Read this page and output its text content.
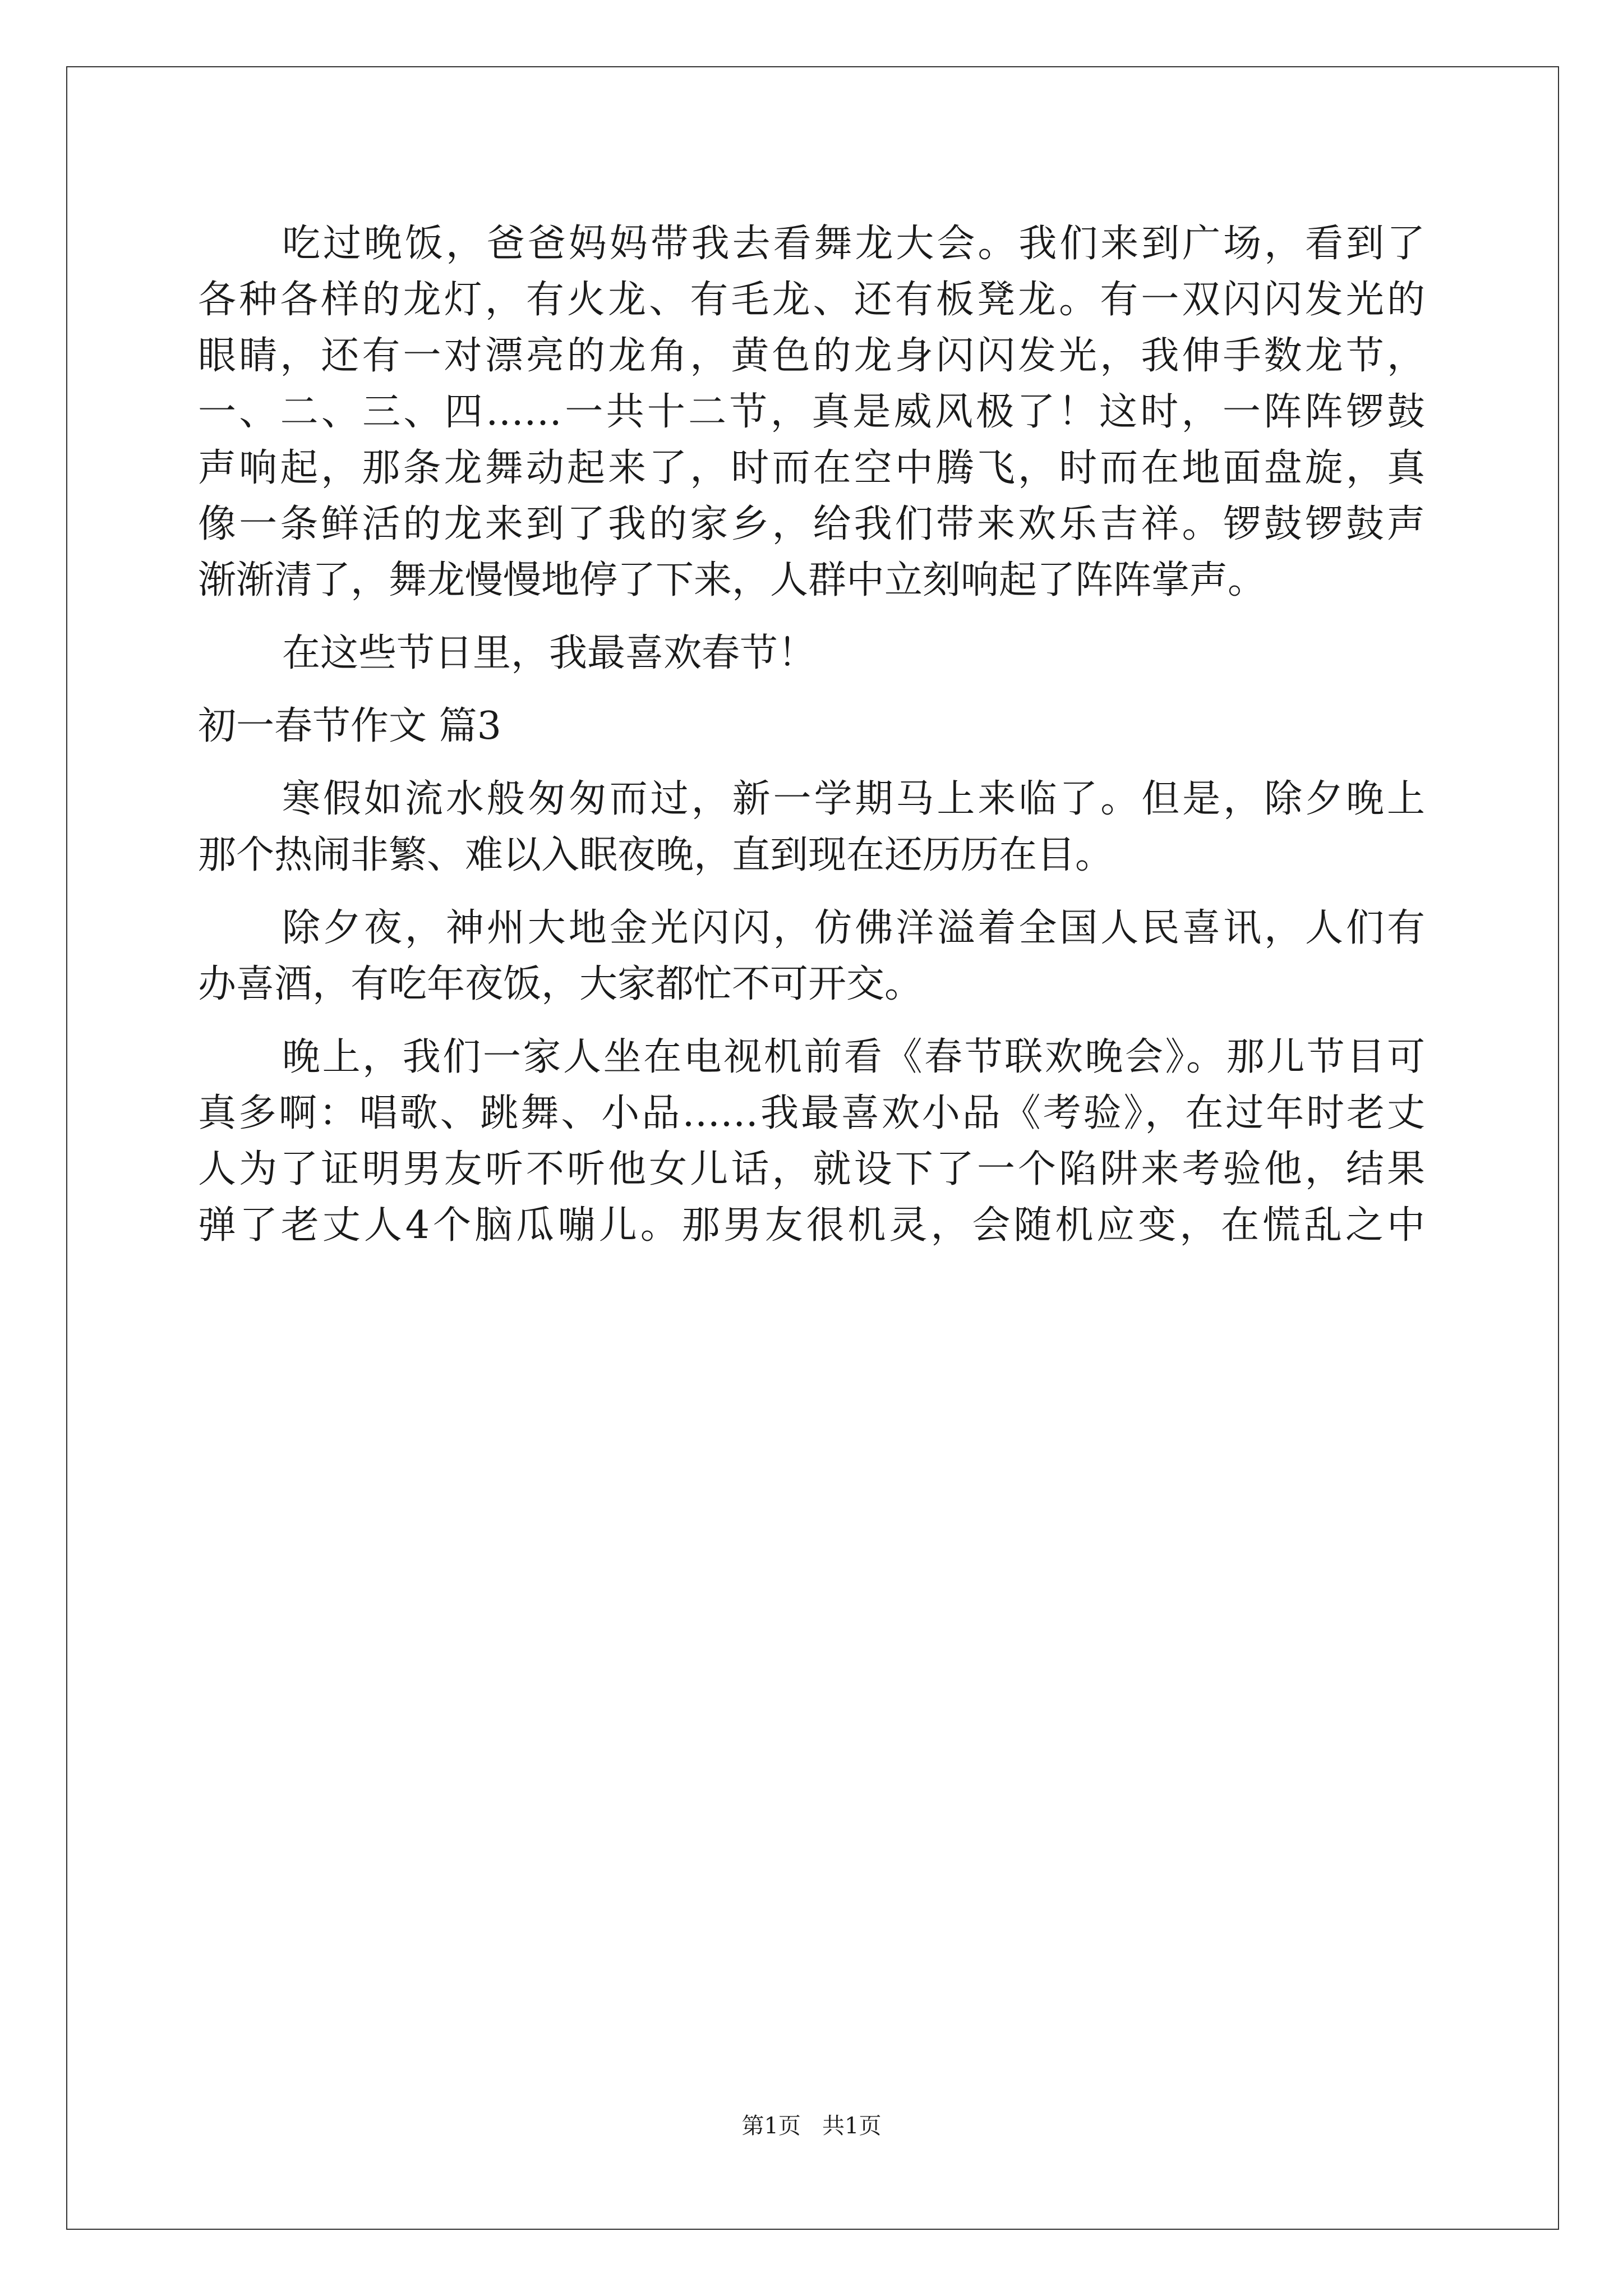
吃过晚饭，爸爸妈妈带我去看舞龙大会。我们来到广场，看到了
各种各样的龙灯，有火龙、有毛龙、还有板凳龙。有一双闪闪发光的
眼睛，还有一对漂亮的龙角，黄色的龙身闪闪发光，我伸手数龙节，
一、二、三、四……一共十二节，真是威风极了！这时，一阵阵锣鼓
声响起，那条龙舞动起来了，时而在空中腾飞，时而在地面盘旋，真
像一条鲜活的龙来到了我的家乡，给我们带来欢乐吉祥。锣鼓锣鼓声
渐渐清了，舞龙慢慢地停了下来，人群中立刻响起了阵阵掌声。
在这些节日里，我最喜欢春节！
初一春节作文 篇3
寒假如流水般匆匆而过，新一学期马上来临了。但是，除夕晚上
那个热闹非繁、难以入眠夜晚，直到现在还历历在目。
除夕夜，神州大地金光闪闪，仿佛洋溢着全国人民喜讯，人们有
办喜酒，有吃年夜饭，大家都忙不可开交。
晚上，我们一家人坐在电视机前看《春节联欢晚会》。那儿节目可
真多啊：唱歌、跳舞、小品……我最喜欢小品《考验》，在过年时老丈
人为了证明男友听不听他女儿话，就设下了一个陷阱来考验他，结果
弹了老丈人4个脑瓜嘣儿。那男友很机灵，会随机应变，在慌乱之中
第1页   共1页
